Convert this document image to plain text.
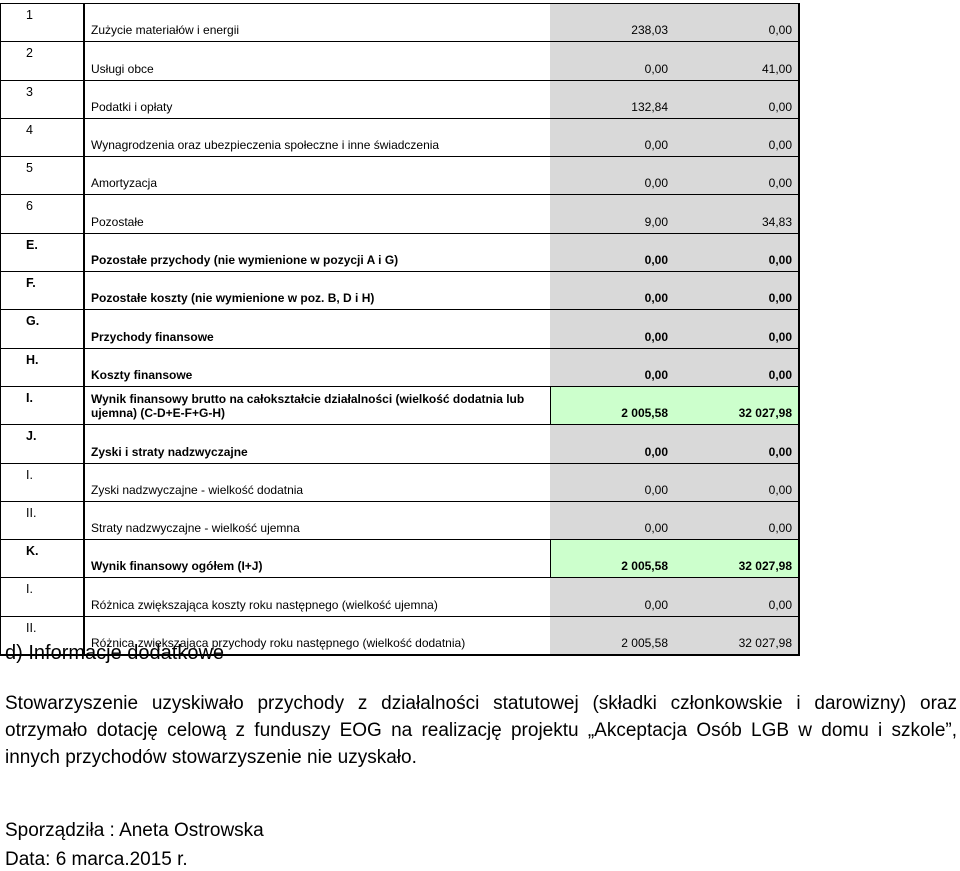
1	Zużycie materiałów i energii	238,03	0,00
2	Usługi obce	0,00	41,00
3	Podatki i opłaty	132,84	0,00
4	Wynagrodzenia oraz ubezpieczenia społeczne i inne świadczenia	0,00	0,00
5	Amortyzacja	0,00	0,00
6	Pozostałe	9,00	34,83
E.	Pozostałe przychody (nie wymienione w pozycji A i G)	0,00	0,00
F.	Pozostałe koszty (nie wymienione w poz. B, D i H)	0,00	0,00
G.	Przychody finansowe	0,00	0,00
H.	Koszty finansowe	0,00	0,00
I.	Wynik finansowy brutto na całokształcie działalności (wielkość dodatnia lub ujemna) (C-D+E-F+G-H)	2 005,58	32 027,98
J.	Zyski i straty nadzwyczajne	0,00	0,00
I.	Zyski nadzwyczajne - wielkość dodatnia	0,00	0,00
II.	Straty nadzwyczajne - wielkość ujemna	0,00	0,00
K.	Wynik finansowy ogółem (I+J)	2 005,58	32 027,98
I.	Różnica zwiększająca koszty roku następnego (wielkość ujemna)	0,00	0,00
II.	Różnica zwiększająca przychody roku następnego (wielkość dodatnia)	2 005,58	32 027,98
d) Informacje dodatkowe

Stowarzyszenie uzyskiwało przychody z działalności statutowej (składki członkowskie i darowizny) oraz otrzymało dotację celową z funduszy EOG na realizację projektu „Akceptacja Osób LGB w domu i szkole”, innych przychodów stowarzyszenie nie uzyskało.

Sporządziła : Aneta Ostrowska

Data: 6 marca.2015 r.
